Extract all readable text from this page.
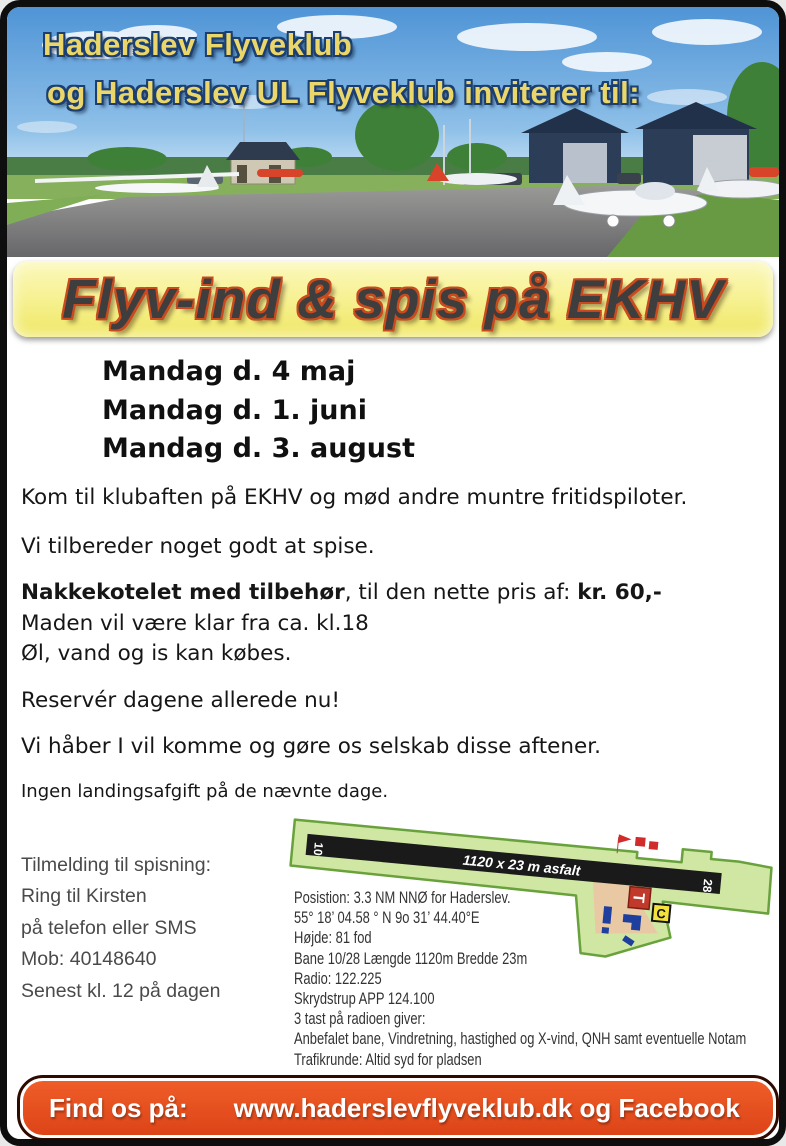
Haderslev Flyveklub
og Haderslev UL Flyveklub inviterer til:
Flyv-ind & spis på EKHV
Mandag d. 4 maj
Mandag d. 1. juni
Mandag d. 3. august

Kom til klubaften på EKHV og mød andre muntre fritidspiloter.

Vi tilbereder noget godt at spise.

Nakkekotelet med tilbehør, til den nette pris af: kr. 60,-

Maden vil være klar fra ca. kl.18

Øl, vand og is kan købes.

Reservér dagene allerede nu!

Vi håber I vil komme og gøre os selskab disse aftener.

Ingen landingsafgift på de nævnte dage.

Tilmelding til spisning:
Ring til Kirsten
på telefon eller SMS
Mob: 40148640
Senest kl. 12 på dagen
1120 x 23 m asfalt
10
28
T
C
Posistion: 3.3 NM NNØ for Haderslev.
55° 18’ 04.58 ° N 9o 31’ 44.40°E
Højde: 81 fod
Bane 10/28 Længde 1120m Bredde 23m
Radio: 122.225
Skrydstrup APP 124.100
3 tast på radioen giver:
Anbefalet bane, Vindretning, hastighed og X-vind, QNH samt eventuelle Notam
Trafikrunde: Altid syd for pladsen
Find os på: www.haderslevflyveklub.dk og Facebook
